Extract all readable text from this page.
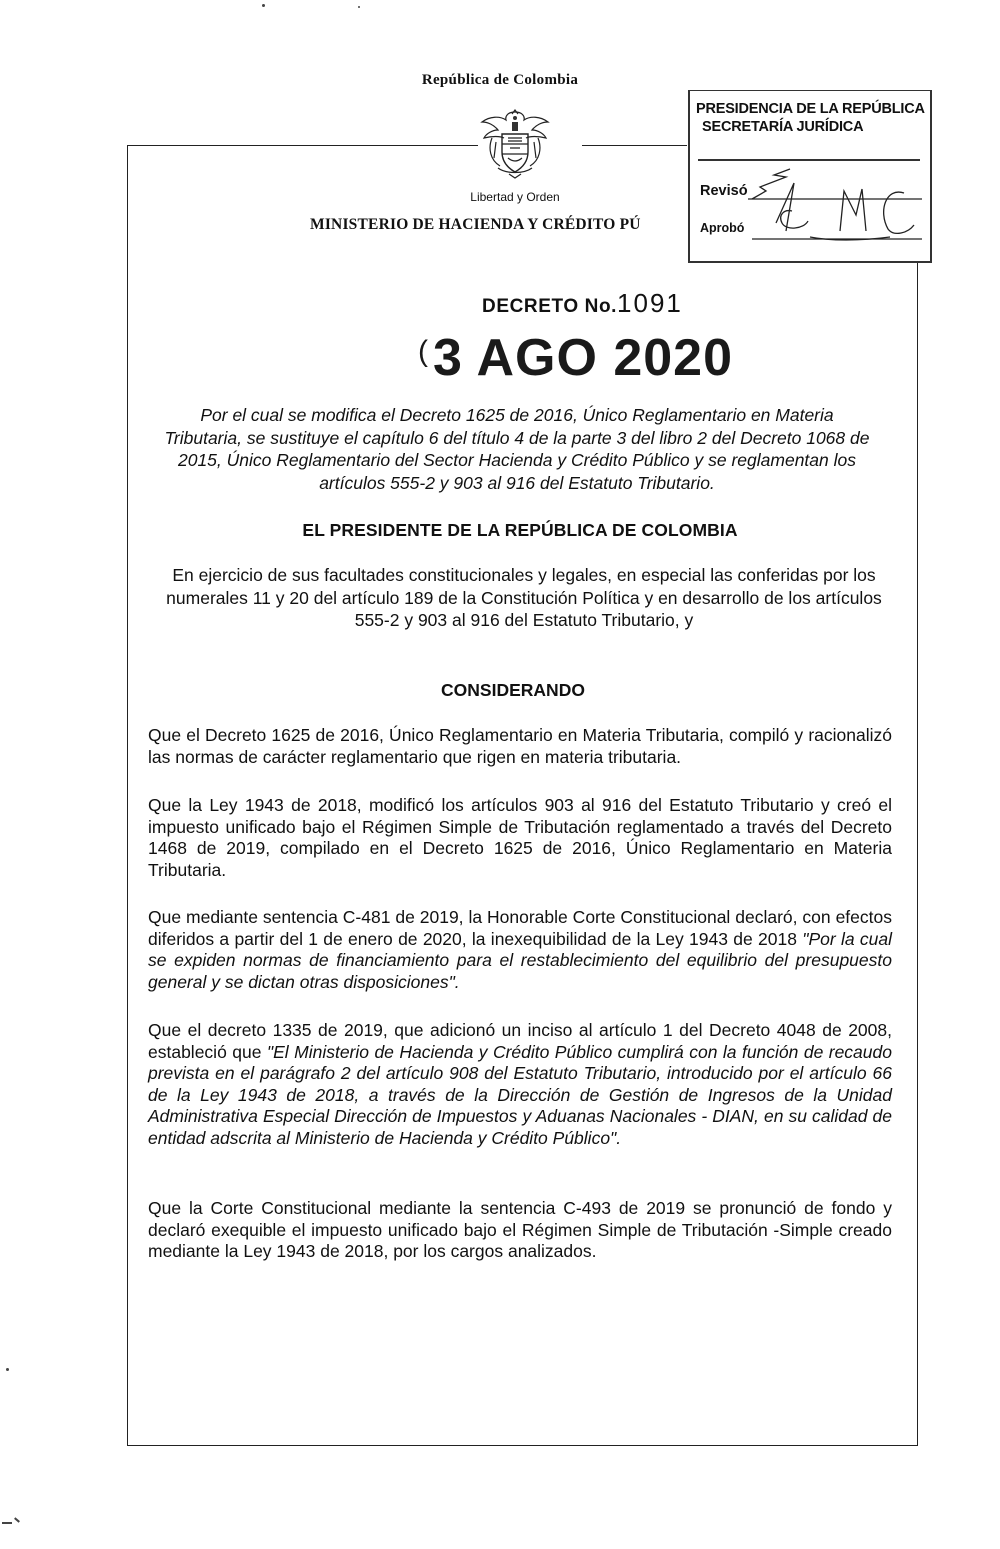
República de Colombia
Libertad y Orden
MINISTERIO DE HACIENDA Y CRÉDITO PÚ
PRESIDENCIA DE LA REPÚBLICA
SECRETARÍA JURÍDICA
Revisó
Aprobó
DECRETO No.1091
(3 AGO 2020
Por el cual se modifica el Decreto 1625 de 2016, Único Reglamentario en Materia Tributaria, se sustituye el capítulo 6 del título 4 de la parte 3 del libro 2 del Decreto 1068 de 2015, Único Reglamentario del Sector Hacienda y Crédito Público y se reglamentan los artículos 555-2 y 903 al 916 del Estatuto Tributario.
EL PRESIDENTE DE LA REPÚBLICA DE COLOMBIA
En ejercicio de sus facultades constitucionales y legales, en especial las conferidas por los numerales 11 y 20 del artículo 189 de la Constitución Política y en desarrollo de los artículos 555-2 y 903 al 916 del Estatuto Tributario, y
CONSIDERANDO
Que el Decreto 1625 de 2016, Único Reglamentario en Materia Tributaria, compiló y racionalizó las normas de carácter reglamentario que rigen en materia tributaria.
Que la Ley 1943 de 2018, modificó los artículos 903 al 916 del Estatuto Tributario y creó el impuesto unificado bajo el Régimen Simple de Tributación reglamentado a través del Decreto 1468 de 2019, compilado en el Decreto 1625 de 2016, Único Reglamentario en Materia Tributaria.
Que mediante sentencia C-481 de 2019, la Honorable Corte Constitucional declaró, con efectos diferidos a partir del 1 de enero de 2020, la inexequibilidad de la Ley 1943 de 2018 "Por la cual se expiden normas de financiamiento para el restablecimiento del equilibrio del presupuesto general y se dictan otras disposiciones".
Que el decreto 1335 de 2019, que adicionó un inciso al artículo 1 del Decreto 4048 de 2008, estableció que "El Ministerio de Hacienda y Crédito Público cumplirá con la función de recaudo prevista en el parágrafo 2 del artículo 908 del Estatuto Tributario, introducido por el artículo 66 de la Ley 1943 de 2018, a través de la Dirección de Gestión de Ingresos de la Unidad Administrativa Especial Dirección de Impuestos y Aduanas Nacionales - DIAN, en su calidad de entidad adscrita al Ministerio de Hacienda y Crédito Público".
Que la Corte Constitucional mediante la sentencia C-493 de 2019 se pronunció de fondo y declaró exequible el impuesto unificado bajo el Régimen Simple de Tributación -Simple creado mediante la Ley 1943 de 2018, por los cargos analizados.
